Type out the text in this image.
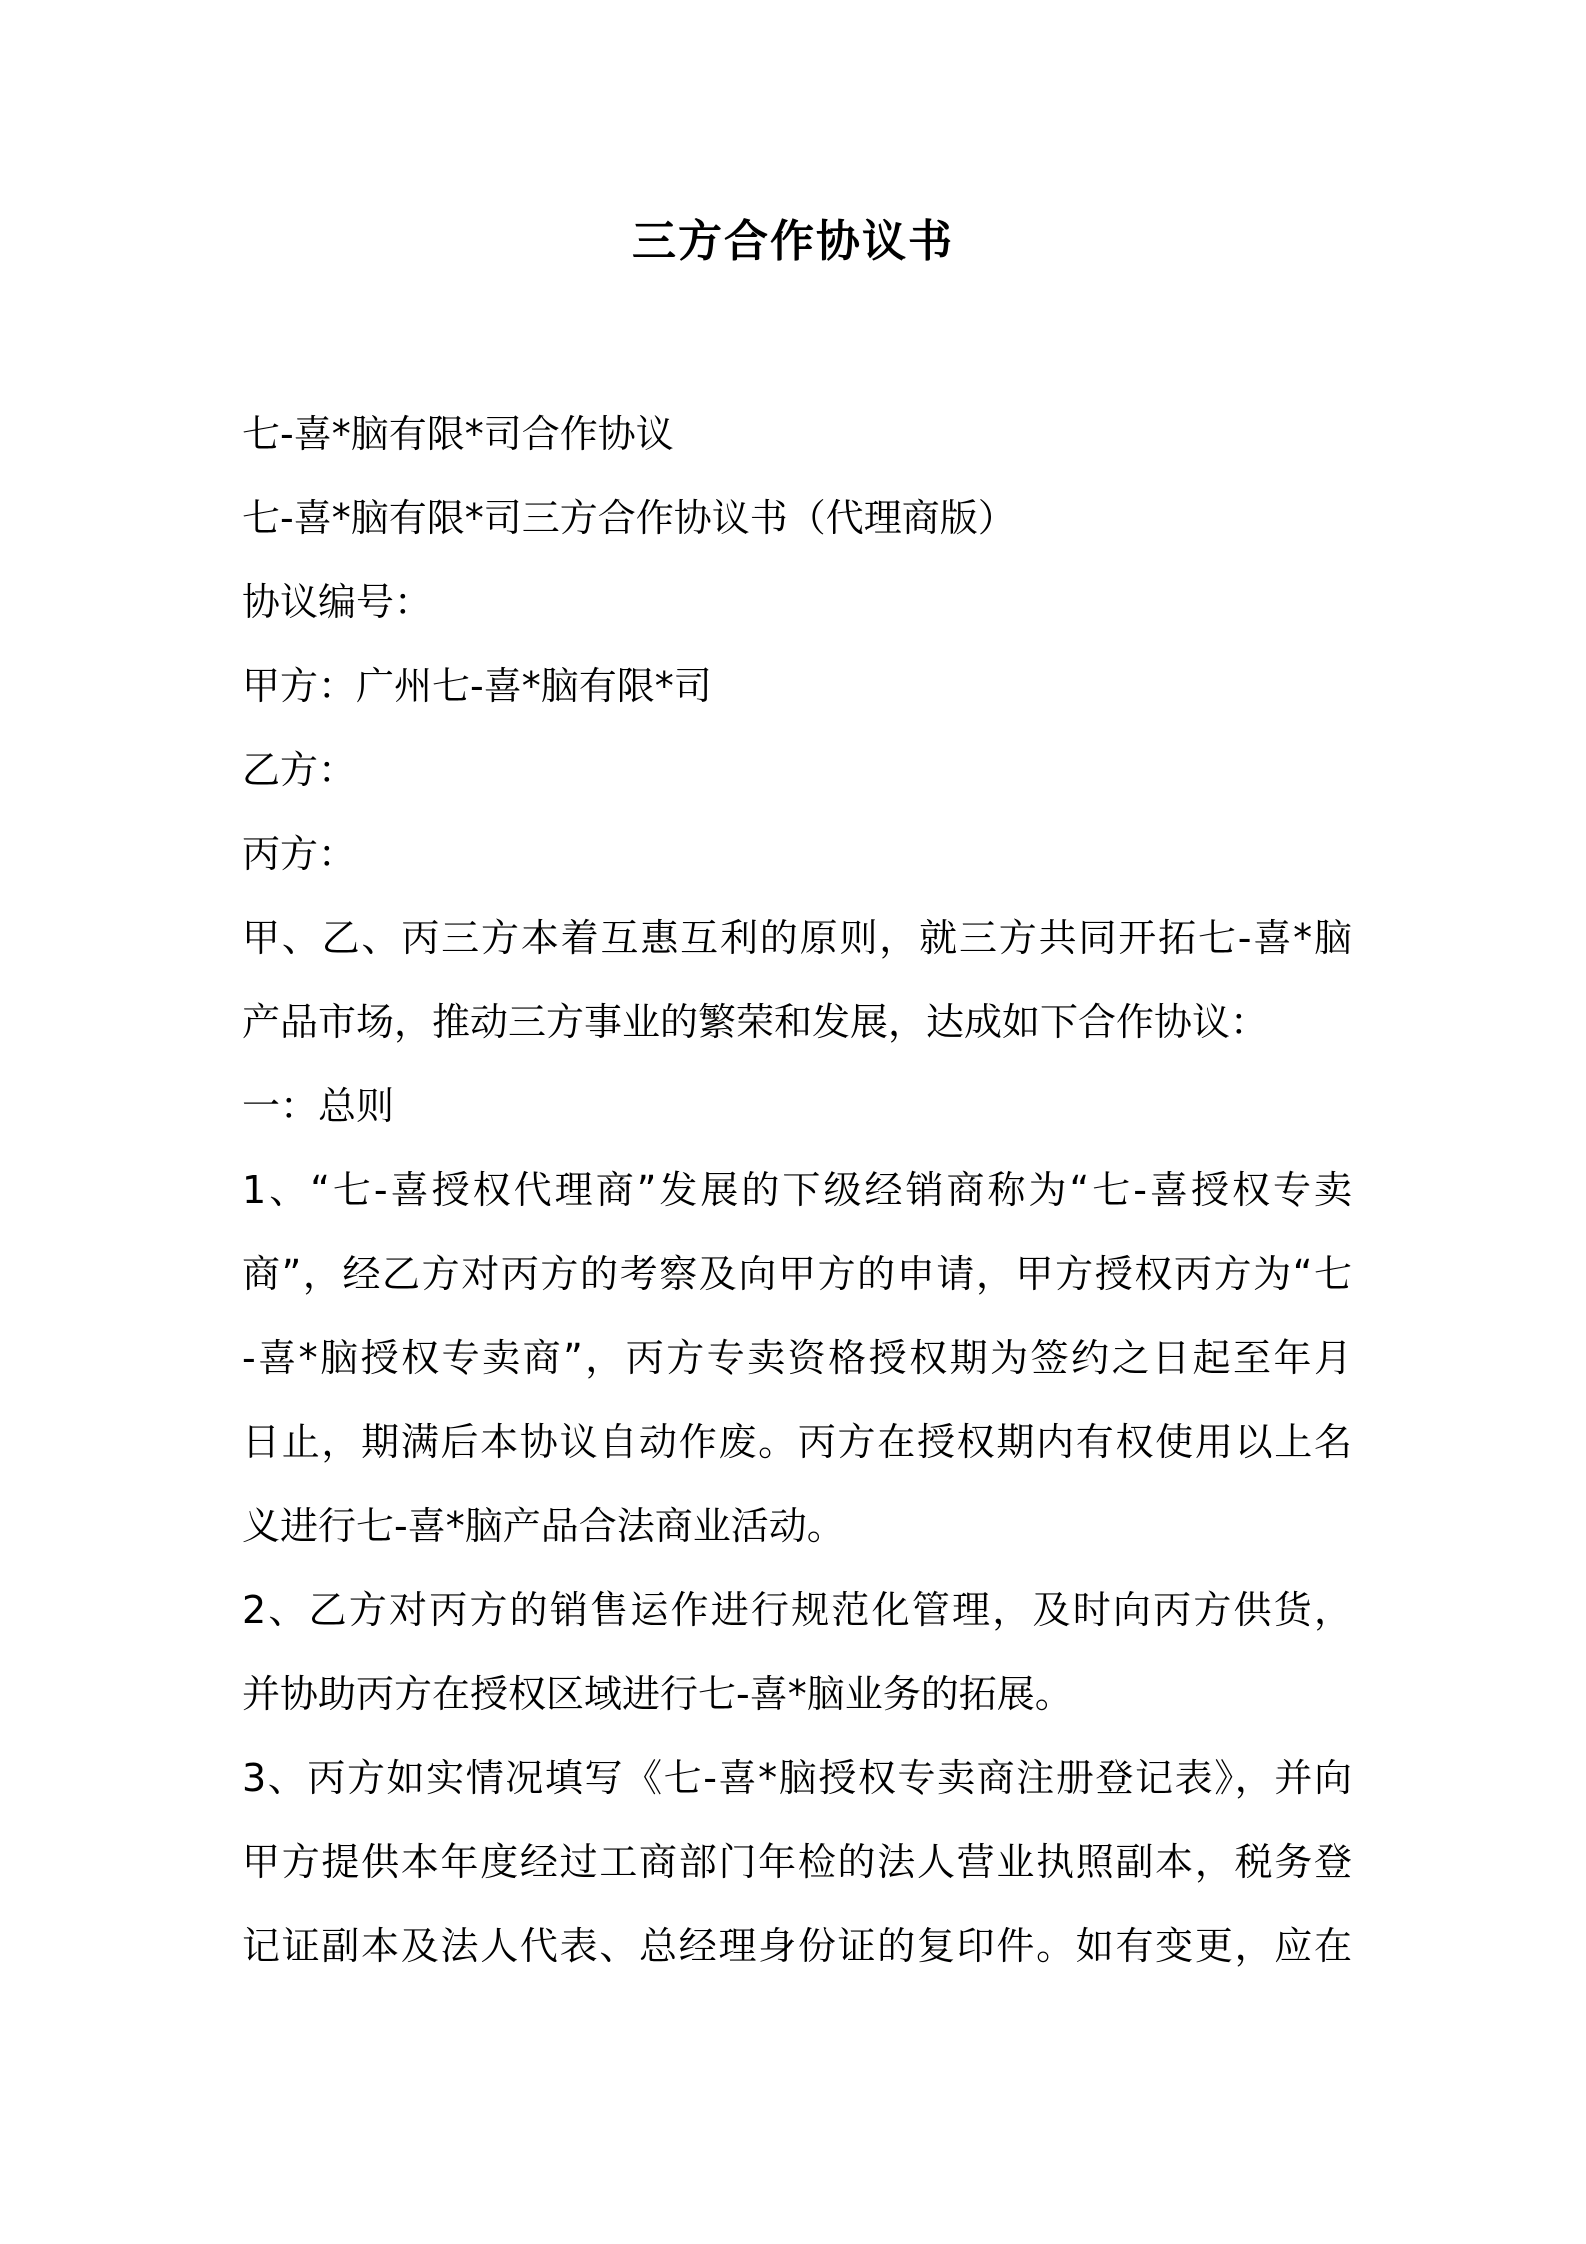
三方合作协议书
七-喜*脑有限*司合作协议
七-喜*脑有限*司三方合作协议书（代理商版）
协议编号：
甲方：广州七-喜*脑有限*司
乙方：
丙方：
甲、乙、丙三方本着互惠互利的原则，就三方共同开拓七-喜*脑
产品市场，推动三方事业的繁荣和发展，达成如下合作协议：
一：总则
1、“七-喜授权代理商”发展的下级经销商称为“七-喜授权专卖
商”，经乙方对丙方的考察及向甲方的申请，甲方授权丙方为“七
-喜*脑授权专卖商”，丙方专卖资格授权期为签约之日起至年月
日止，期满后本协议自动作废。丙方在授权期内有权使用以上名
义进行七-喜*脑产品合法商业活动。
2、乙方对丙方的销售运作进行规范化管理，及时向丙方供货，
并协助丙方在授权区域进行七-喜*脑业务的拓展。
3、丙方如实情况填写《七-喜*脑授权专卖商注册登记表》，并向
甲方提供本年度经过工商部门年检的法人营业执照副本，税务登
记证副本及法人代表、总经理身份证的复印件。如有变更，应在
